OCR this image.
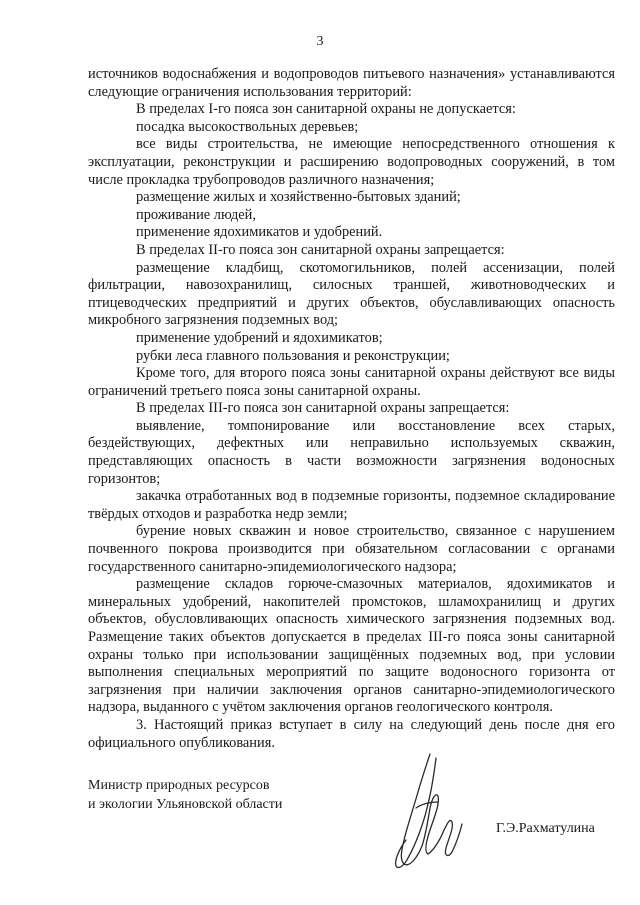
3

источников водоснабжения и водопроводов питьевого назначения» устанавливаются следующие ограничения использования территорий:

В пределах I-го пояса зон санитарной охраны не допускается:

посадка высокоствольных деревьев;

все виды строительства, не имеющие непосредственного отношения к эксплуатации, реконструкции и расширению водопроводных сооружений, в том числе прокладка трубопроводов различного назначения;

размещение жилых и хозяйственно-бытовых зданий;

проживание людей,

применение ядохимикатов и удобрений.

В пределах II-го пояса зон санитарной охраны запрещается:

размещение кладбищ, скотомогильников, полей ассенизации, полей фильтрации, навозохранилищ, силосных траншей, животноводческих и птицеводческих предприятий и других объектов, обуславливающих опасность микробного загрязнения подземных вод;

применение удобрений и ядохимикатов;

рубки леса главного пользования и реконструкции;

Кроме того, для второго пояса зоны санитарной охраны действуют все виды ограничений третьего пояса зоны санитарной охраны.

В пределах III-го пояса зон санитарной охраны запрещается:

выявление, томпонирование или восстановление всех старых, бездействующих, дефектных или неправильно используемых скважин, представляющих опасность в части возможности загрязнения водоносных горизонтов;

закачка отработанных вод в подземные горизонты, подземное складирование твёрдых отходов и разработка недр земли;

бурение новых скважин и новое строительство, связанное с нарушением почвенного покрова производится при обязательном согласовании с органами государственного санитарно-эпидемиологического надзора;

размещение складов горюче-смазочных материалов, ядохимикатов и минеральных удобрений, накопителей промстоков, шламохранилищ и других объектов, обусловливающих опасность химического загрязнения подземных вод. Размещение таких объектов допускается в пределах III-го пояса зоны санитарной охраны только при использовании защищённых подземных вод, при условии выполнения специальных мероприятий по защите водоносного горизонта от загрязнения при наличии заключения органов санитарно-эпидемиологического надзора, выданного с учётом заключения органов геологического контроля.

3. Настоящий приказ вступает в силу на следующий день после дня его официального опубликования.

Министр природных ресурсов
и экологии Ульяновской области
Г.Э.Рахматулина
